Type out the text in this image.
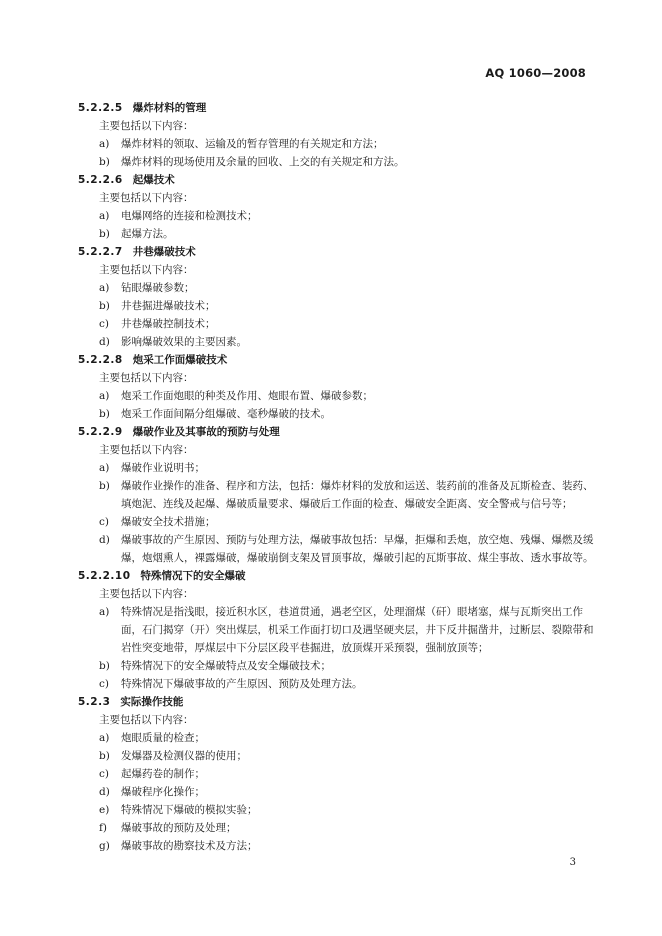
AQ 1060—2008
5.2.2.5 爆炸材料的管理
主要包括以下内容：
a) 爆炸材料的领取、运输及的暂存管理的有关规定和方法；
b) 爆炸材料的现场使用及余量的回收、上交的有关规定和方法。
5.2.2.6 起爆技术
主要包括以下内容：
a) 电爆网络的连接和检测技术；
b) 起爆方法。
5.2.2.7 井巷爆破技术
主要包括以下内容：
a) 钻眼爆破参数；
b) 井巷掘进爆破技术；
c) 井巷爆破控制技术；
d) 影响爆破效果的主要因素。
5.2.2.8 炮采工作面爆破技术
主要包括以下内容：
a) 炮采工作面炮眼的种类及作用、炮眼布置、爆破参数；
b) 炮采工作面间隔分组爆破、毫秒爆破的技术。
5.2.2.9 爆破作业及其事故的预防与处理
主要包括以下内容：
a) 爆破作业说明书；
b) 爆破作业操作的准备、程序和方法，包括：爆炸材料的发放和运送、装药前的准备及瓦斯检查、装药、填炮泥、连线及起爆、爆破质量要求、爆破后工作面的检查、爆破安全距离、安全警戒与信号等；
c) 爆破安全技术措施；
d) 爆破事故的产生原因、预防与处理方法，爆破事故包括：早爆，拒爆和丢炮，放空炮、残爆、爆燃及缓爆，炮烟熏人，裸露爆破，爆破崩倒支架及冒顶事故，爆破引起的瓦斯事故、煤尘事故、透水事故等。
5.2.2.10 特殊情况下的安全爆破
主要包括以下内容：
a) 特殊情况是指浅眼，接近积水区，巷道贯通，遇老空区，处理溜煤（矸）眼堵塞，煤与瓦斯突出工作面，石门揭穿（开）突出煤层，机采工作面打切口及遇坚硬夹层，井下反井掘凿井，过断层、裂隙带和岩性突变地带，厚煤层中下分层区段平巷掘进，放顶煤开采预裂，强制放顶等；
b) 特殊情况下的安全爆破特点及安全爆破技术；
c) 特殊情况下爆破事故的产生原因、预防及处理方法。
5.2.3 实际操作技能
主要包括以下内容：
a) 炮眼质量的检查；
b) 发爆器及检测仪器的使用；
c) 起爆药卷的制作；
d) 爆破程序化操作；
e) 特殊情况下爆破的模拟实验；
f) 爆破事故的预防及处理；
g) 爆破事故的勘察技术及方法；
3
